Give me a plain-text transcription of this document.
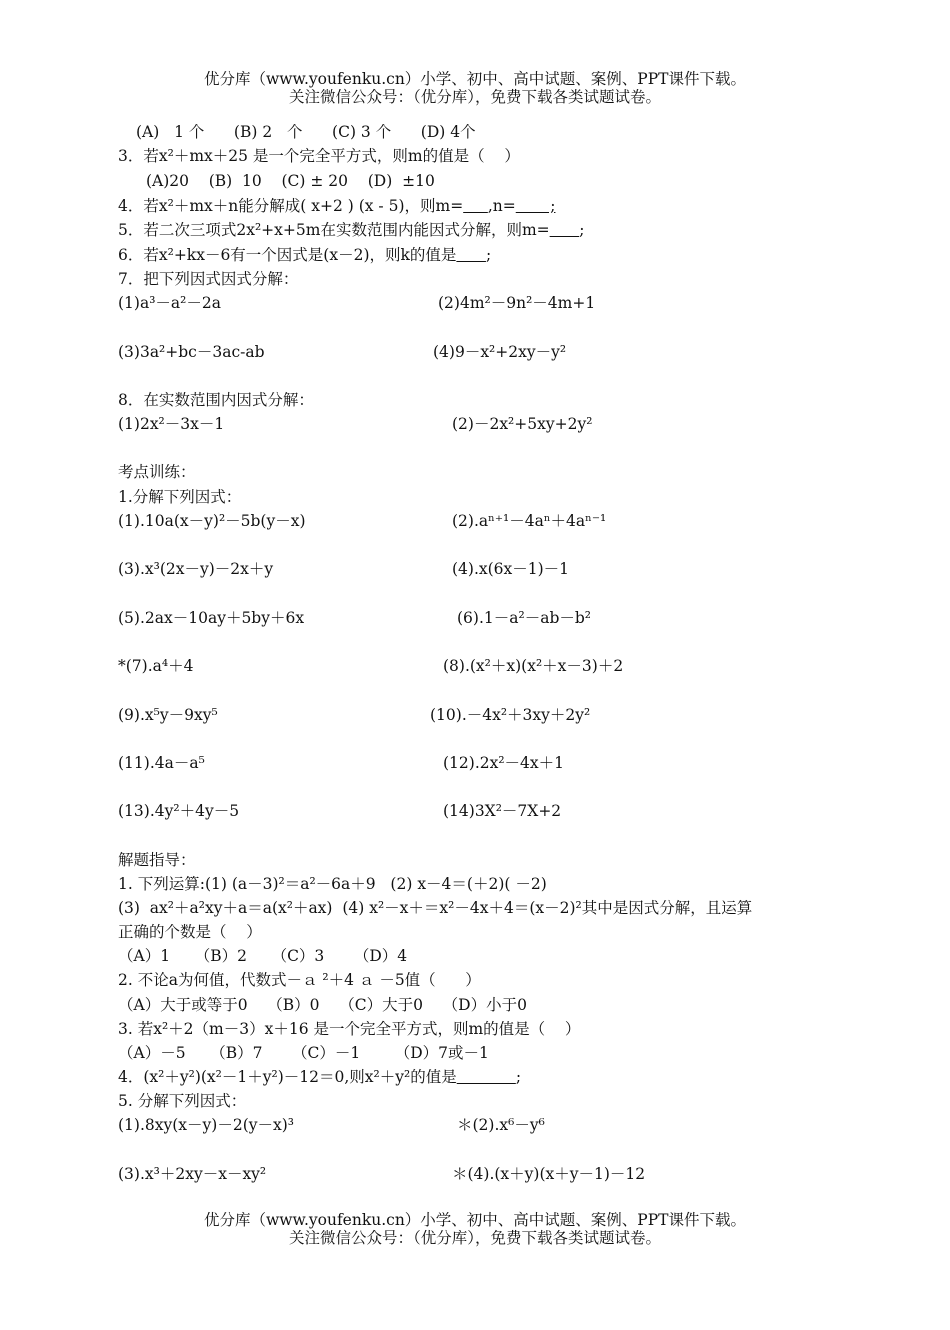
优分库（www.youfenku.cn）小学、初中、高中试题、案例、PPT课件下载。
关注微信公众号：（优分库），免费下载各类试题试卷。
(A)   1 个      (B) 2   个      (C) 3 个      (D) 4个
3．若x²＋mx＋25 是一个完全平方式，则m的值是（    ）
(A)20    (B)  10    (C) ± 20    (D)  ±10
4．若x²＋mx＋n能分解成( x+2 ) (x - 5)，则m= ,n=       ;
5．若二次三项式2x²+x+5m在实数范围内能因式分解，则m= ;
6．若x²+kx－6有一个因式是(x－2)，则k的值是 ;
7．把下列因式因式分解：
(1)a³－a²－2a	(2)4m²－9n²－4m+1
(3)3a²+bc－3ac-ab	(4)9－x²+2xy－y²
8．在实数范围内因式分解：
(1)2x²－3x－1	(2)－2x²+5xy+2y²
考点训练：
1.分解下列因式：
(1).10a(x－y)²－5b(y－x)	(2).aⁿ⁺¹－4aⁿ＋4aⁿ⁻¹
(3).x³(2x－y)－2x＋y	(4).x(6x－1)－1
(5).2ax－10ay＋5by＋6x	(6).1－a²－ab－b²
*(7).a⁴＋4	(8).(x²＋x)(x²＋x－3)＋2
(9).x⁵y－9xy⁵	(10).－4x²＋3xy＋2y²
(11).4a－a⁵	(12).2x²－4x＋1
(13).4y²＋4y－5	(14)3X²－7X+2
解题指导：
1. 下列运算:(1) (a－3)²＝a²－6a＋9   (2) x－4＝(＋2)( －2)
(3)  ax²＋a²xy＋a＝a(x²＋ax)  (4) x²－x＋＝x²－4x＋4＝(x－2)²其中是因式分解，且运算
正确的个数是（    ）
（A）1     （B）2     （C）3      （D）4
2. 不论a为何值，代数式－ａ ²＋4 ａ －5值（      ）
（A）大于或等于0    （B）0    （C）大于0    （D）小于0
3. 若x²＋2（m－3）x＋16 是一个完全平方式，则m的值是（    ）
（A）－5     （B）7      （C）－1       （D）7或－1
4．(x²＋y²)(x²－1＋y²)－12＝0,则x²＋y²的值是	;
5. 分解下列因式：
(1).8xy(x－y)－2(y－x)³	＊(2).x⁶－y⁶
(3).x³＋2xy－x－xy²	＊(4).(x＋y)(x＋y－1)－12
优分库（www.youfenku.cn）小学、初中、高中试题、案例、PPT课件下载。
关注微信公众号：（优分库），免费下载各类试题试卷。
